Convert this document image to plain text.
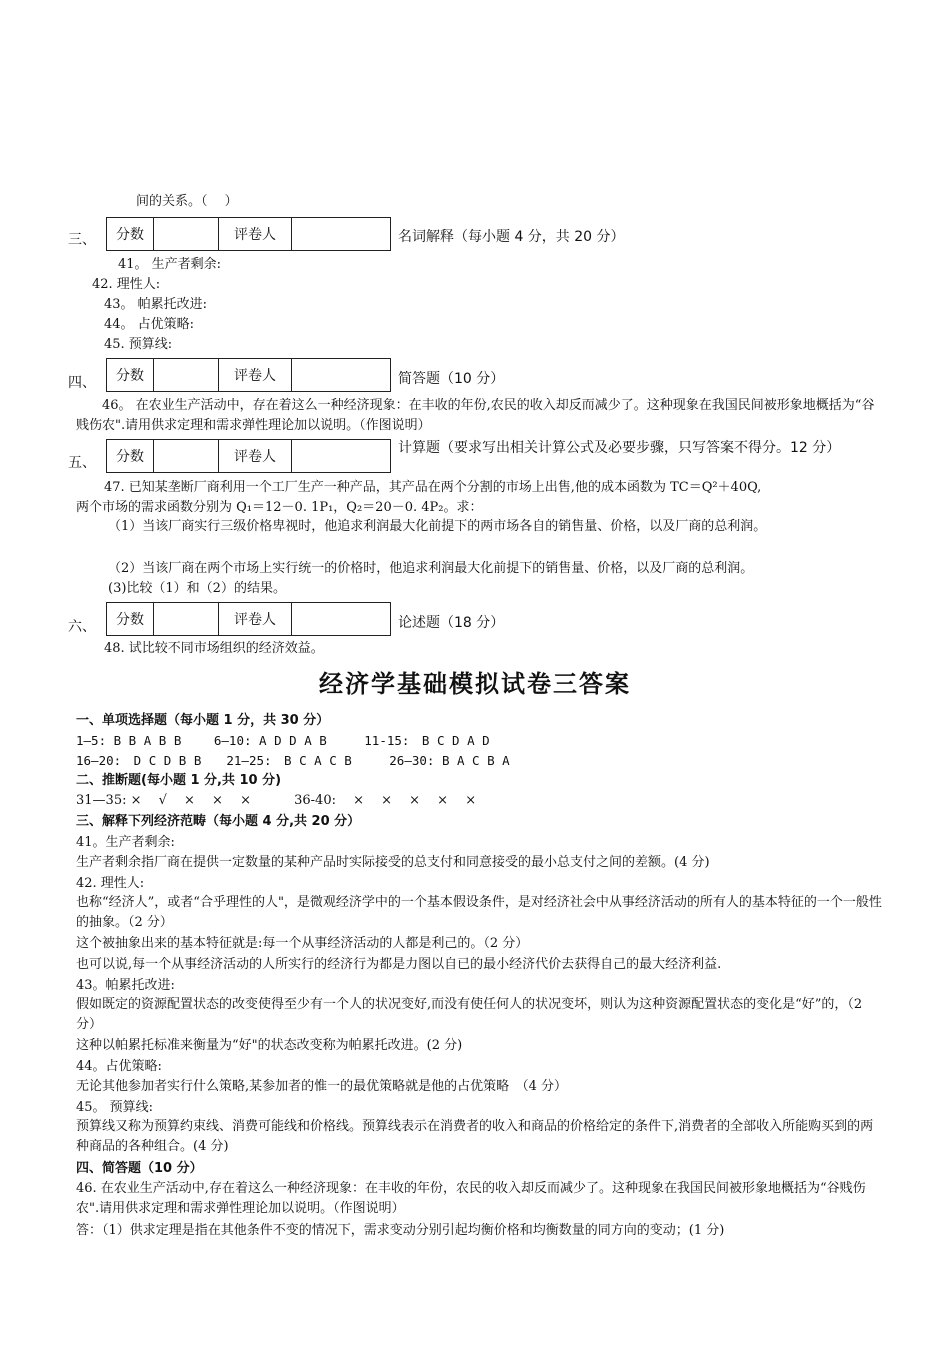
间的关系。（　 ）
三、 分数		评卷人		名词解释（每小题 4 分，共 20 分）
41。 生产者剩余:
42. 理性人:
43。 帕累托改进:
44。 占优策略:
45. 预算线:
四、 分数		评卷人		简答题（10 分）
46。 在农业生产活动中，存在着这么一种经济现象：在丰收的年份,农民的收入却反而减少了。这种现象在我国民间被形象地概括为“谷贱伤农".请用供求定理和需求弹性理论加以说明。（作图说明）
五、 分数		评卷人	
计算题（要求写出相关计算公式及必要步骤，只写答案不得分。12 分）
47. 已知某垄断厂商利用一个工厂生产一种产品，其产品在两个分割的市场上出售,他的成本函数为 TC＝Q²＋40Q,
两个市场的需求函数分别为 Q₁＝12－0. 1P₁，Q₂＝20－0. 4P₂。求：
（1）当该厂商实行三级价格卑视时，他追求利润最大化前提下的两市场各自的销售量、价格，以及厂商的总利润。
（2）当该厂商在两个市场上实行统一的价格时，他追求利润最大化前提下的销售量、价格，以及厂商的总利润。
(3)比较（1）和（2）的结果。
六、 分数		评卷人		论述题（18 分）
48. 试比较不同市场组织的经济效益。
经济学基础模拟试卷三答案
一、单项选择题（每小题 1 分，共 30 分）
1—5: B B A B B　　 6—10: A D D A B　　　11-15:　B C D A D
16—20:　D C D B B　　21—25:　B C A C B　　　26—30: B A C B A
二、推断题(每小题 1 分,共 10 分)
31—35: ×　 √　 ×　 ×　 ×　　　 36-40:　 ×　 ×　 ×　 ×　 ×
三、解释下列经济范畴（每小题 4 分,共 20 分）
41。生产者剩余:
生产者剩余指厂商在提供一定数量的某种产品时实际接受的总支付和同意接受的最小总支付之间的差额。(4 分)
42. 理性人:
也称“经济人”，或者“合乎理性的人"，是微观经济学中的一个基本假设条件，是对经济社会中从事经济活动的所有人的基本特征的一个一般性的抽象。（2 分）
这个被抽象出来的基本特征就是:每一个从事经济活动的人都是利己的。（2 分）
也可以说,每一个从事经济活动的人所实行的经济行为都是力图以自已的最小经济代价去获得自己的最大经济利益.
43。帕累托改进:
假如既定的资源配置状态的改变使得至少有一个人的状况变好,而没有使任何人的状况变坏，则认为这种资源配置状态的变化是“好”的，（2 分）
这种以帕累托标准来衡量为“好"的状态改变称为帕累托改进。(2 分)
44。占优策略:
无论其他参加者实行什么策略,某参加者的惟一的最优策略就是他的占优策略　（4 分）
45。 预算线:
预算线又称为预算约束线、消费可能线和价格线。预算线表示在消费者的收入和商品的价格给定的条件下,消费者的全部收入所能购买到的两种商品的各种组合。(4 分)
四、简答题（10 分）
46. 在农业生产活动中,存在着这么一种经济现象：在丰收的年份，农民的收入却反而减少了。这种现象在我国民间被形象地概括为“谷贱伤农".请用供求定理和需求弹性理论加以说明。（作图说明）
答：（1）供求定理是指在其他条件不变的情况下，需求变动分别引起均衡价格和均衡数量的同方向的变动；(1 分)
